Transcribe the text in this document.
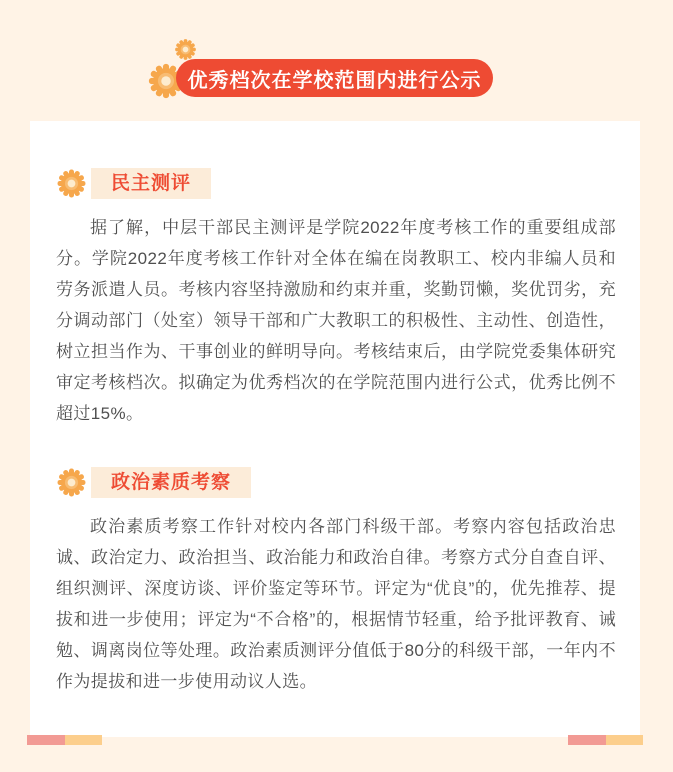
优秀档次在学校范围内进行公示
民主测评

据了解，中层干部民主测评是学院2022年度考核工作的重要组成部分。学院2022年度考核工作针对全体在编在岗教职工、校内非编人员和劳务派遣人员。考核内容坚持激励和约束并重，奖勤罚懒，奖优罚劣，充分调动部门（处室）领导干部和广大教职工的积极性、主动性、创造性，树立担当作为、干事创业的鲜明导向。考核结束后，由学院党委集体研究审定考核档次。拟确定为优秀档次的在学院范围内进行公式，优秀比例不超过15%。

政治素质考察

政治素质考察工作针对校内各部门科级干部。考察内容包括政治忠诚、政治定力、政治担当、政治能力和政治自律。考察方式分自查自评、组织测评、深度访谈、评价鉴定等环节。评定为“优良”的，优先推荐、提拔和进一步使用；评定为“不合格”的，根据情节轻重，给予批评教育、诫勉、调离岗位等处理。政治素质测评分值低于80分的科级干部，一年内不作为提拔和进一步使用动议人选。
